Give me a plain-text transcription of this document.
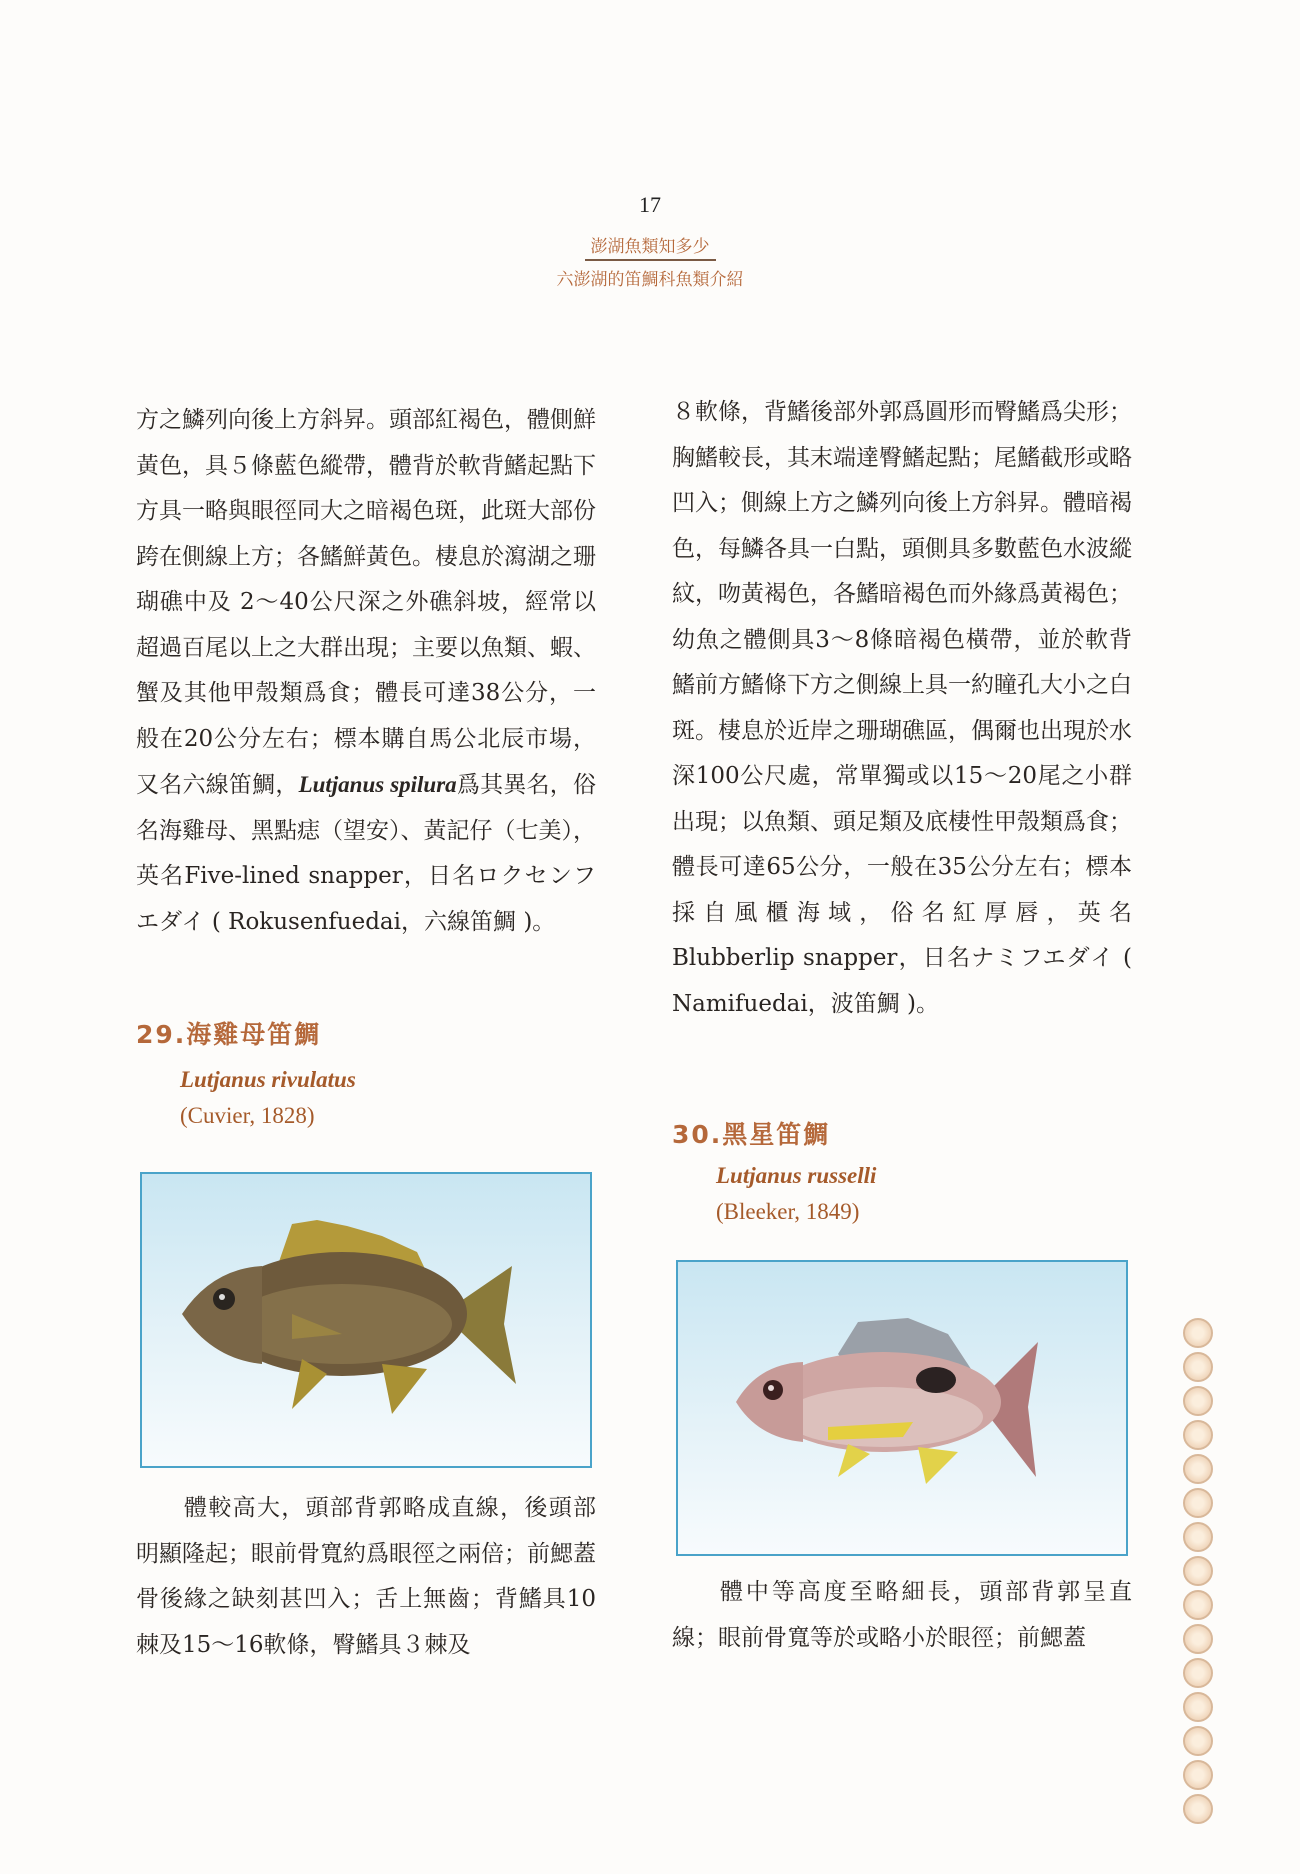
17
澎湖魚類知多少
六澎湖的笛鯛科魚類介紹

方之鱗列向後上方斜昇。頭部紅褐色，體側鮮黃色，具５條藍色縱帶，體背於軟背鰭起點下方具一略與眼徑同大之暗褐色斑，此斑大部份跨在側線上方；各鰭鮮黃色。棲息於瀉湖之珊瑚礁中及 2～40公尺深之外礁斜坡，經常以超過百尾以上之大群出現；主要以魚類、蝦、蟹及其他甲殼類爲食；體長可達38公分，一般在20公分左右；標本購自馬公北辰市場，又名六線笛鯛，Lutjanus spilura爲其異名，俗名海雞母、黑點痣（望安）、黃記仔（七美），英名Five-lined snapper，日名ロクセンフエダイ ( Rokusenfuedai，六線笛鯛 )。

29.海雞母笛鯛

Lutjanus rivulatus

(Cuvier, 1828)

體較高大，頭部背郭略成直線，後頭部明顯隆起；眼前骨寬約爲眼徑之兩倍；前鰓蓋骨後緣之缺刻甚凹入；舌上無齒；背鰭具10棘及15～16軟條，臀鰭具３棘及

８軟條，背鰭後部外郭爲圓形而臀鰭爲尖形；胸鰭較長，其末端達臀鰭起點；尾鰭截形或略凹入；側線上方之鱗列向後上方斜昇。體暗褐色，每鱗各具一白點，頭側具多數藍色水波縱紋，吻黃褐色，各鰭暗褐色而外緣爲黃褐色；幼魚之體側具3～8條暗褐色橫帶，並於軟背鰭前方鰭條下方之側線上具一約瞳孔大小之白斑。棲息於近岸之珊瑚礁區，偶爾也出現於水深100公尺處，常單獨或以15～20尾之小群出現；以魚類、頭足類及底棲性甲殼類爲食；體長可達65公分，一般在35公分左右；標本採自風櫃海域，俗名紅厚唇，英名 Blubberlip snapper，日名ナミフエダイ ( Namifuedai，波笛鯛 )。

30.黑星笛鯛

Lutjanus russelli

(Bleeker, 1849)

體中等高度至略細長，頭部背郭呈直線；眼前骨寬等於或略小於眼徑；前鰓蓋
